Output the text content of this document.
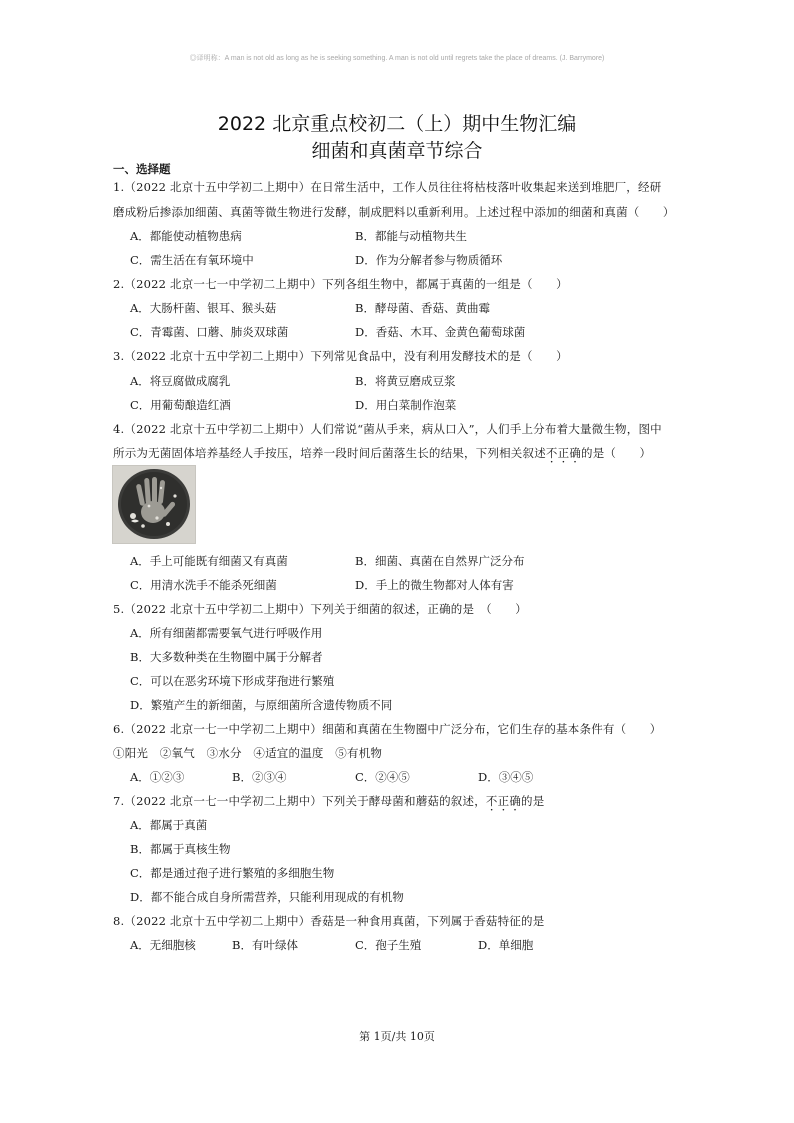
◎译明称：A man is not old as long as he is seeking something. A man is not old until regrets take the place of dreams. (J. Barrymore)
2022 北京重点校初二（上）期中生物汇编
细菌和真菌章节综合
一、选择题
1.（2022 北京十五中学初二上期中）在日常生活中，工作人员往往将枯枝落叶收集起来送到堆肥厂，经研
磨成粉后掺添加细菌、真菌等微生物进行发酵，制成肥料以重新利用。上述过程中添加的细菌和真菌（　　）
A．都能使动植物患病	B．都能与动植物共生
C．需生活在有氧环境中	D．作为分解者参与物质循环
2.（2022 北京一七一中学初二上期中）下列各组生物中，都属于真菌的一组是（　　）
A．大肠杆菌、银耳、猴头菇	B．酵母菌、香菇、黄曲霉
C．青霉菌、口蘑、肺炎双球菌	D．香菇、木耳、金黄色葡萄球菌
3.（2022 北京十五中学初二上期中）下列常见食品中，没有利用发酵技术的是（　　）
A．将豆腐做成腐乳	B．将黄豆磨成豆浆
C．用葡萄酿造红酒	D．用白菜制作泡菜
4.（2022 北京十五中学初二上期中）人们常说“菌从手来，病从口入”，人们手上分布着大量微生物，图中
所示为无菌固体培养基经人手按压，培养一段时间后菌落生长的结果，下列相关叙述不正确的是（　　）
A．手上可能既有细菌又有真菌	B．细菌、真菌在自然界广泛分布
C．用清水洗手不能杀死细菌	D．手上的微生物都对人体有害
5.（2022 北京十五中学初二上期中）下列关于细菌的叙述，正确的是　（　　）
A．所有细菌都需要氧气进行呼吸作用
B．大多数种类在生物圈中属于分解者
C．可以在恶劣环境下形成芽孢进行繁殖
D．繁殖产生的新细菌，与原细菌所含遗传物质不同
6.（2022 北京一七一中学初二上期中）细菌和真菌在生物圈中广泛分布，它们生存的基本条件有（　　）
①阳光　②氧气　③水分　④适宜的温度　⑤有机物
A．①②③	B．②③④	C．②④⑤	D．③④⑤
7.（2022 北京一七一中学初二上期中）下列关于酵母菌和蘑菇的叙述，不正确的是
A．都属于真菌
B．都属于真核生物
C．都是通过孢子进行繁殖的多细胞生物
D．都不能合成自身所需营养，只能利用现成的有机物
8.（2022 北京十五中学初二上期中）香菇是一种食用真菌，下列属于香菇特征的是
A．无细胞核	B．有叶绿体	C．孢子生殖	D．单细胞
第 1页/共 10页
